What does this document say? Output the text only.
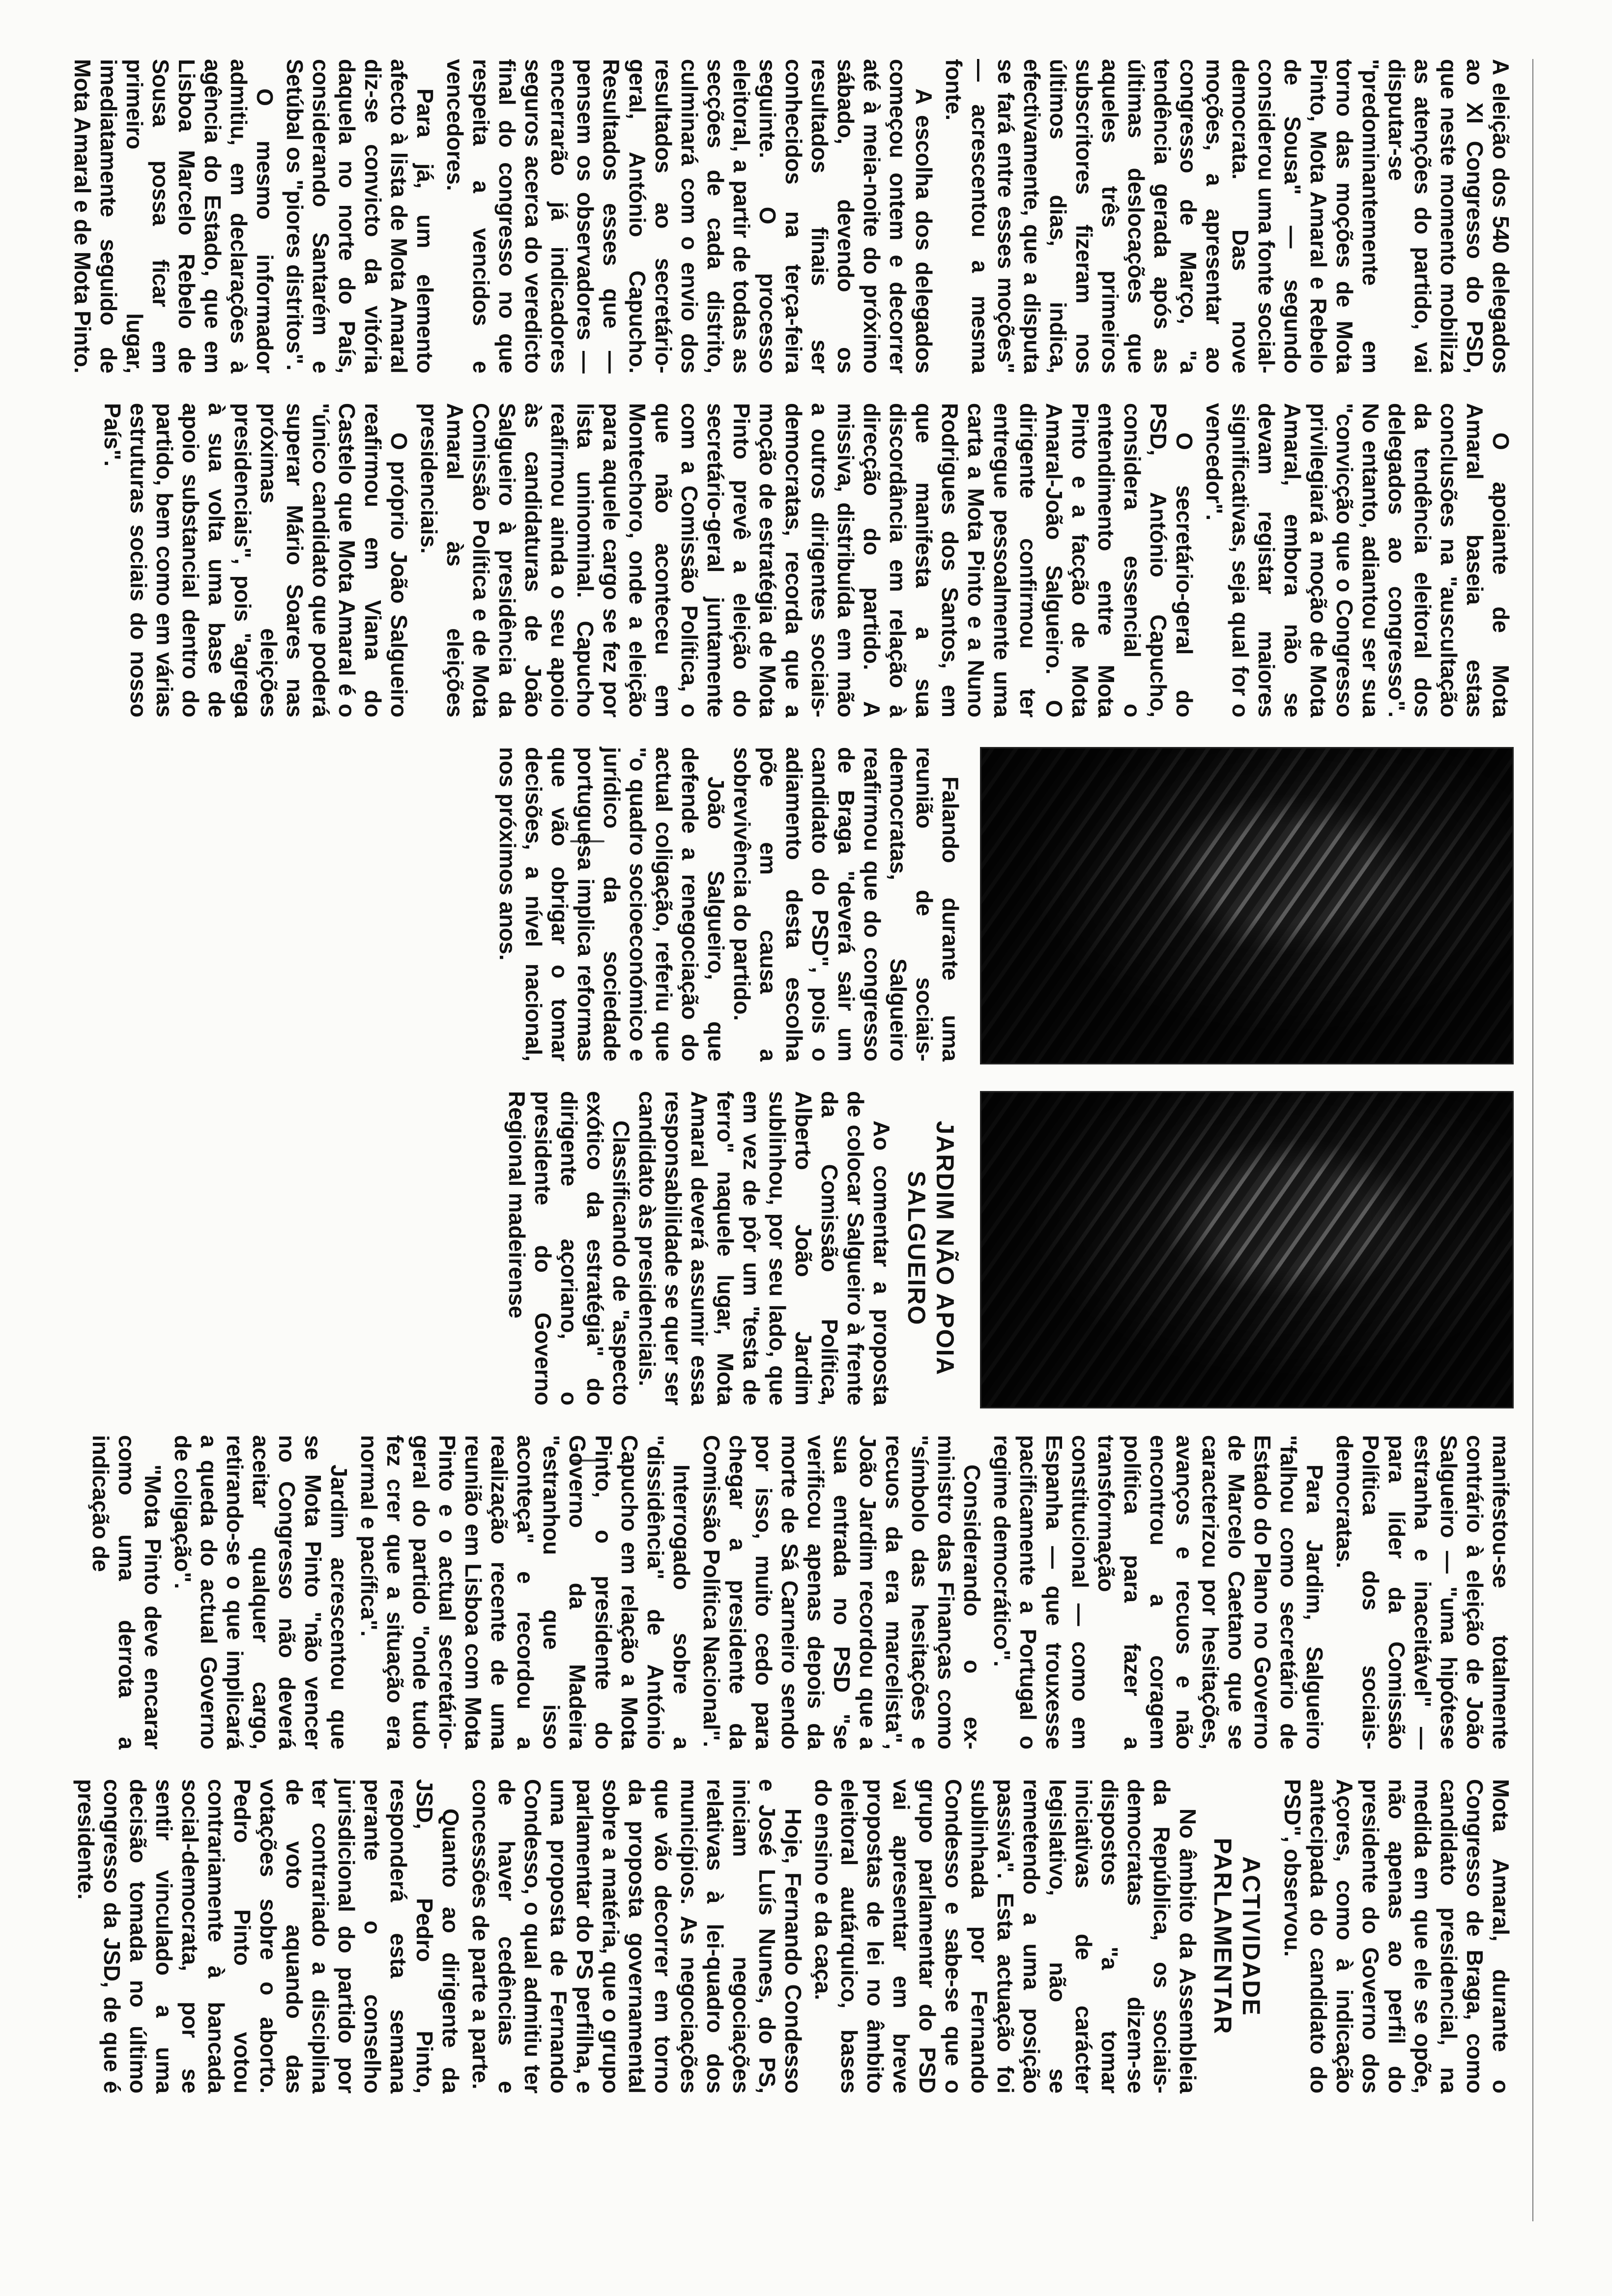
A eleição dos 540 delegados ao XI Congresso do PSD, que neste momento mobiliza as atenções do partido, vai disputar-se "predominantemente em torno das moções de Mota Pinto, Mota Amaral e Rebelo de Sousa" — segundo considerou uma fonte social-democrata. Das nove moções, a apresentar ao congresso de Março, "a tendência gerada após as últimas deslocações que aqueles três primeiros subscritores fizeram nos últimos dias, indica, efectivamente, que a disputa se fará entre esses moções" — acrescentou a mesma fonte.

A escolha dos delegados começou ontem e decorrer até à meia-noite do próximo sábado, devendo os resultados finais ser conhecidos na terça-feira seguinte. O processo eleitoral, a partir de todas as secções de cada distrito, culminará com o envio dos resultados ao secretário-geral, António Capucho. Resultados esses que — pensem os observadores — encerrarão já indicadores seguros acerca do veredicto final do congresso no que respeita a vencidos e vencedores.

Para já, um elemento afecto à lista de Mota Amaral diz-se convicto da vitória daquela no norte do País, considerando Santarém e Setúbal os "piores distritos".

O mesmo informador admitiu, em declarações à agência do Estado, que em Lisboa Marcelo Rebelo de Sousa possa ficar em primeiro lugar, imediatamente seguido de Mota Amaral e de Mota Pinto.

O apoiante de Mota Amaral baseia estas conclusões na "auscultação da tendência eleitoral dos delegados ao congresso". No entanto, adiantou ser sua "convicção que o Congresso privilegiará a moção de Mota Amaral, embora não se devam registar maiores significativas, seja qual for o vencedor".

O secretário-geral do PSD, António Capucho, considera essencial o entendimento entre Mota Pinto e a facção de Mota Amaral-João Salgueiro. O dirigente confirmou ter entregue pessoalmente uma carta a Mota Pinto e a Nuno Rodrigues dos Santos, em que manifesta a sua discordância em relação à direcção do partido. A missiva, distribuída em mão a outros dirigentes sociais-democratas, recorda que a moção de estratégia de Mota Pinto prevê a eleição do secretário-geral juntamente com a Comissão Política, o que não aconteceu em Montechoro, onde a eleição para aquele cargo se fez por lista uninominal. Capucho reafirmou ainda o seu apoio às candidaturas de João Salgueiro à presidência da Comissão Política e de Mota Amaral às eleições presidenciais.

O próprio João Salgueiro reafirmou em Viana do Castelo que Mota Amaral é o "único candidato que poderá superar Mário Soares nas próximas eleições presidenciais", pois "agrega à sua volta uma base de apoio substancial dentro do partido, bem como em várias estruturas sociais do nosso País".

Falando durante uma reunião de sociais-democratas, Salgueiro reafirmou que do congresso de Braga "deverá sair um candidato do PSD", pois o adiamento desta escolha põe em causa a sobrevivência do partido.

João Salgueiro, que defende a renegociação do actual coligação, referiu que "o quadro socioeconómico e jurídico da sociedade portuguesa implica reformas que vão obrigar o tomar decisões, a nível nacional, nos próximos anos.

JARDIM NÃO APOIA SALGUEIRO

Ao comentar a proposta de colocar Salgueiro à frente da Comissão Política, Alberto João Jardim sublinhou, por seu lado, que em vez de pôr um "testa de ferro" naquele lugar, Mota Amaral deverá assumir essa responsabilidade se quer ser candidato às presidenciais.

Classificando de "aspecto exótico da estratégia" do dirigente açoriano, o presidente do Governo Regional madeirense

manifestou-se totalmente contrário à eleição de João Salgueiro — "uma hipótese estranha e inaceitável" — para líder da Comissão Política dos sociais-democratas.

Para Jardim, Salgueiro "falhou como secretário de Estado do Plano no Governo de Marcelo Caetano que se caracterizou por hesitações, avanços e recuos e não encontrou a coragem política para fazer a transformação constitucional — como em Espanha — que trouxesse pacificamente a Portugal o regime democrático".

Considerando o ex-ministro das Finanças como "símbolo das hesitações e recuos da era marcelista", João Jardim recordou que a sua entrada no PSD "se verificou apenas depois da morte de Sá Carneiro sendo por isso, muito cedo para chegar a presidente da Comissão Política Nacional".

Interrogado sobre a "dissidência" de António Capucho em relação a Mota Pinto, o presidente do Governo da Madeira "estranhou que isso aconteça" e recordou a realização recente de uma reunião em Lisboa com Mota Pinto e o actual secretário-geral do partido "onde tudo fez crer que a situação era normal e pacífica".

Jardim acrescentou que se Mota Pinto "não vencer no Congresso não deverá aceitar qualquer cargo, retirando-se o que implicará a queda do actual Governo de coligação".

"Mota Pinto deve encarar como uma derrota a indicação de

Mota Amaral, durante o Congresso de Braga, como candidato presidencial, na medida em que ele se opõe, não apenas ao perfil do presidente do Governo dos Açores, como à indicação antecipada do candidato do PSD", observou.

ACTIVIDADE PARLAMENTAR

No âmbito da Assembleia da República, os sociais-democratas dizem-se dispostos "a tomar iniciativas de carácter legislativo, não se remetendo a uma posição passiva". Esta actuação foi sublinhada por Fernando Condesso e sabe-se que o grupo parlamentar do PSD vai apresentar em breve propostas de lei no âmbito eleitoral autárquico, bases do ensino e da caça.

Hoje, Fernando Condesso e José Luís Nunes, do PS, iniciam negociações relativas à lei-quadro dos municípios. As negociações que vão decorrer em torno da proposta governamental sobre a matéria, que o grupo parlamentar do PS perfilha, e uma proposta de Fernando Condesso, o qual admitiu ter de haver cedências e concessões de parte a parte.

Quanto ao dirigente da JSD, Pedro Pinto, responderá esta semana perante o conselho jurisdicional do partido por ter contrariado a disciplina de voto aquando das votações sobre o aborto. Pedro Pinto votou contrariamente à bancada social-democrata, por se sentir vinculado a uma decisão tomada no último congresso da JSD, de que é presidente.
